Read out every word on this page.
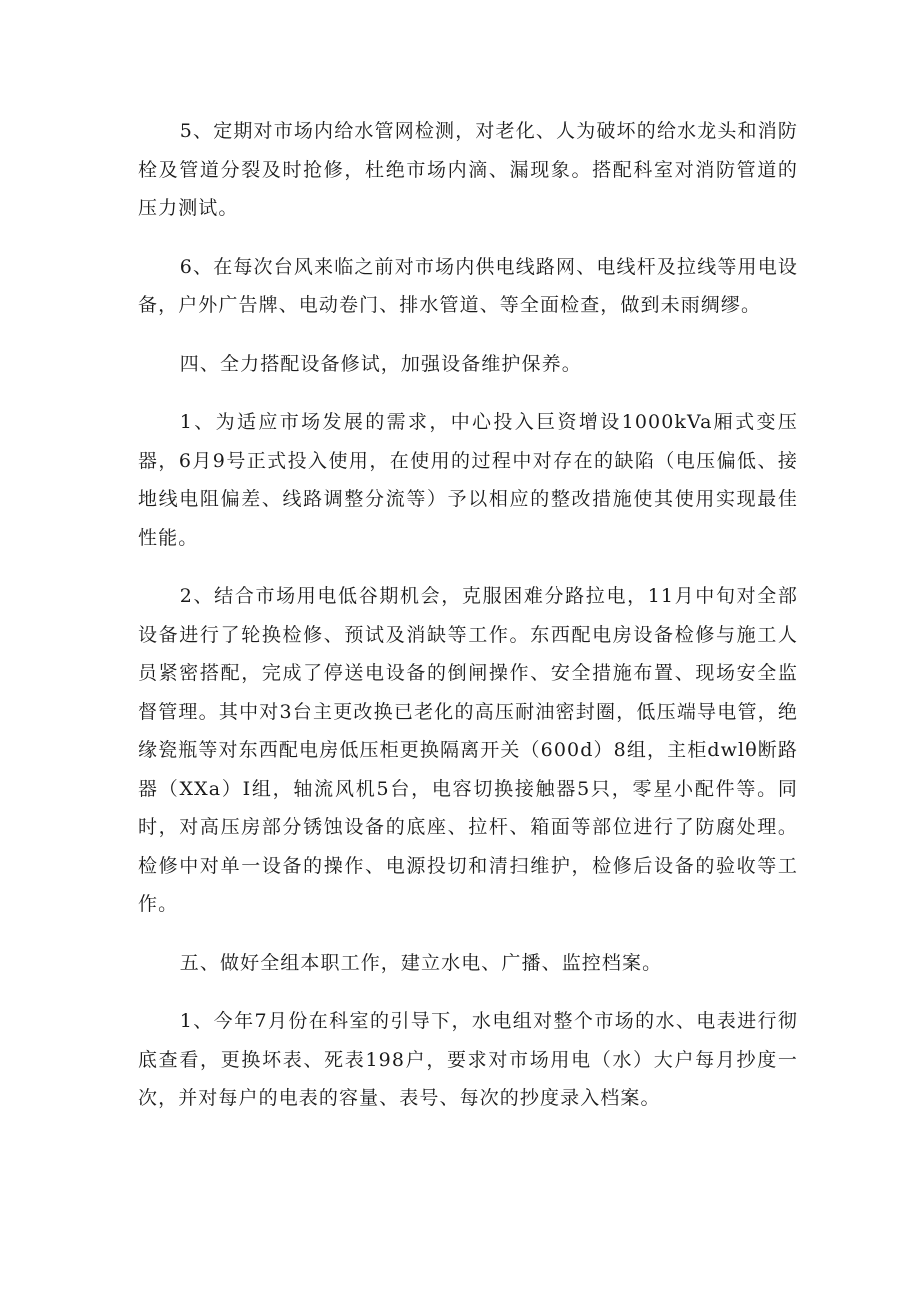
5、定期对市场内给水管网检测，对老化、人为破坏的给水龙头和消防栓及管道分裂及时抢修，杜绝市场内滴、漏现象。搭配科室对消防管道的压力测试。

6、在每次台风来临之前对市场内供电线路网、电线杆及拉线等用电设备，户外广告牌、电动卷门、排水管道、等全面检查，做到未雨绸缪。

四、全力搭配设备修试，加强设备维护保养。

1、为适应市场发展的需求，中心投入巨资增设1000kVa厢式变压器，6月9号正式投入使用，在使用的过程中对存在的缺陷（电压偏低、接地线电阻偏差、线路调整分流等）予以相应的整改措施使其使用实现最佳性能。

2、结合市场用电低谷期机会，克服困难分路拉电，11月中旬对全部设备进行了轮换检修、预试及消缺等工作。东西配电房设备检修与施工人员紧密搭配，完成了停送电设备的倒闸操作、安全措施布置、现场安全监督管理。其中对3台主更改换已老化的高压耐油密封圈，低压端导电管，绝缘瓷瓶等对东西配电房低压柜更换隔离开关（600d）8组，主柜dwlθ断路器（XXa）I组，轴流风机5台，电容切换接触器5只，零星小配件等。同时，对高压房部分锈蚀设备的底座、拉杆、箱面等部位进行了防腐处理。检修中对单一设备的操作、电源投切和清扫维护，检修后设备的验收等工作。

五、做好全组本职工作，建立水电、广播、监控档案。

1、今年7月份在科室的引导下，水电组对整个市场的水、电表进行彻底查看，更换坏表、死表198户，要求对市场用电（水）大户每月抄度一次，并对每户的电表的容量、表号、每次的抄度录入档案。
